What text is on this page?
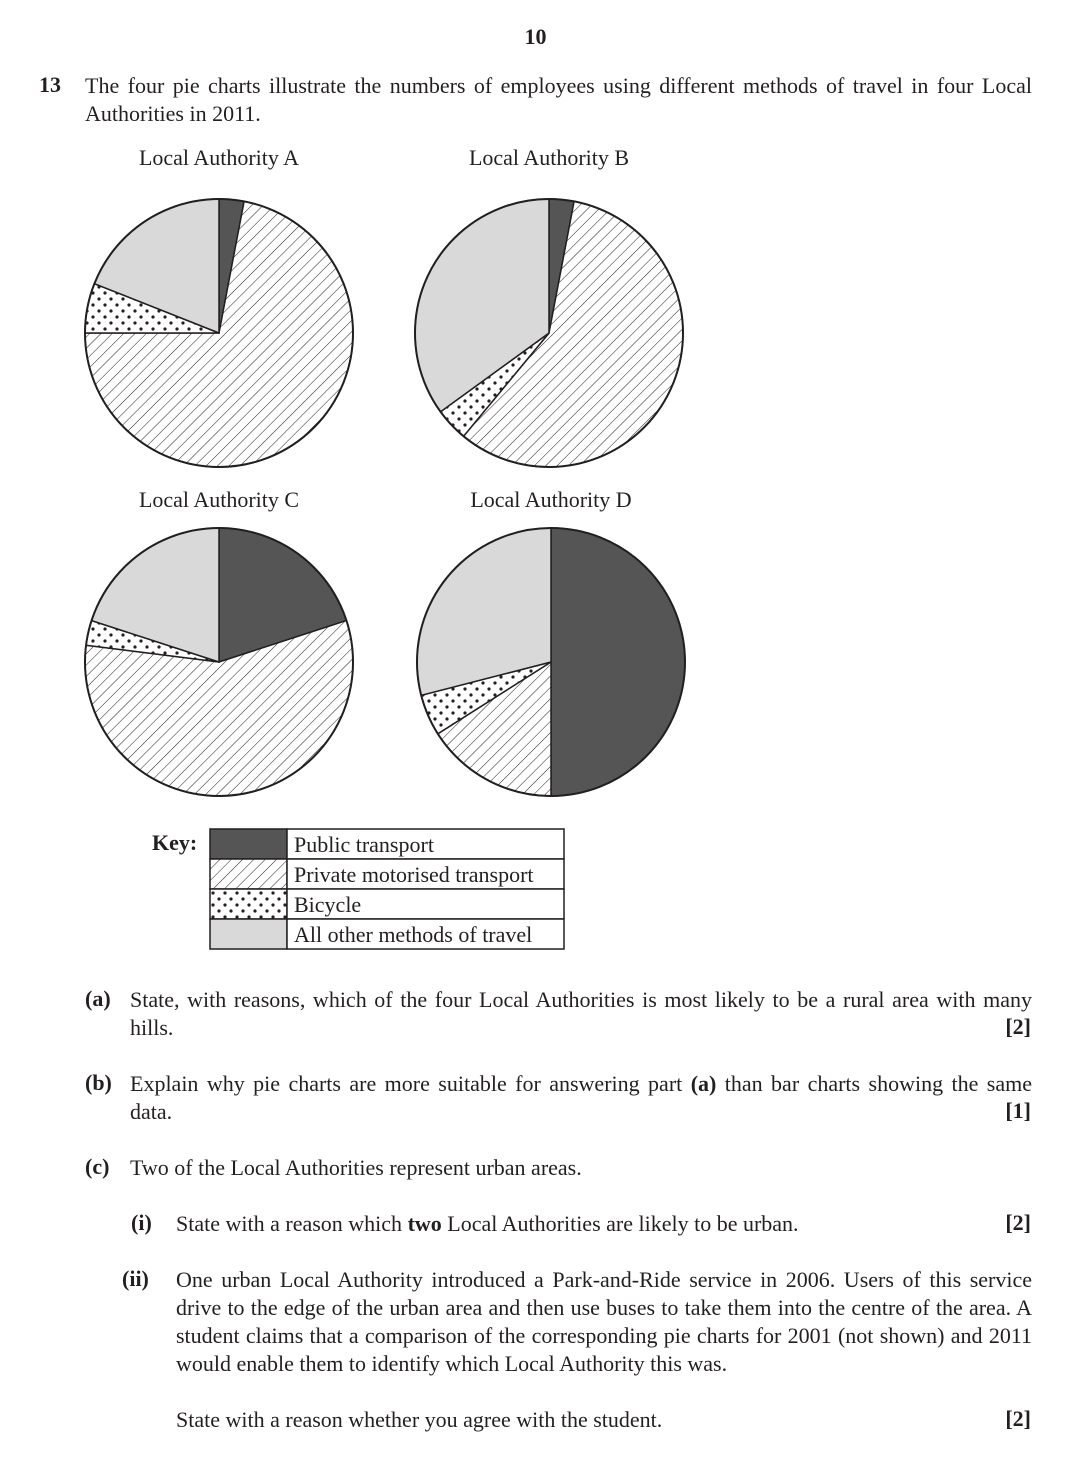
10
13 The four pie charts illustrate the numbers of employees using different methods of travel in four Local Authorities in 2011.
Local Authority A	Local Authority B
Local Authority C	Local Authority D
Public transport
Private motorised transport
Bicycle
All other methods of travel
Key:
(a) State, with reasons, which of the four Local Authorities is most likely to be a rural area with many hills.	[2]
(b) Explain why pie charts are more suitable for answering part (a) than bar charts showing the same data.	[1]
(c) Two of the Local Authorities represent urban areas.
(i) State with a reason which two Local Authorities are likely to be urban.	[2]
(ii) One urban Local Authority introduced a Park-and-Ride service in 2006. Users of this service drive to the edge of the urban area and then use buses to take them into the centre of the area. A student claims that a comparison of the corresponding pie charts for 2001 (not shown) and 2011 would enable them to identify which Local Authority this was.
State with a reason whether you agree with the student.	[2]
